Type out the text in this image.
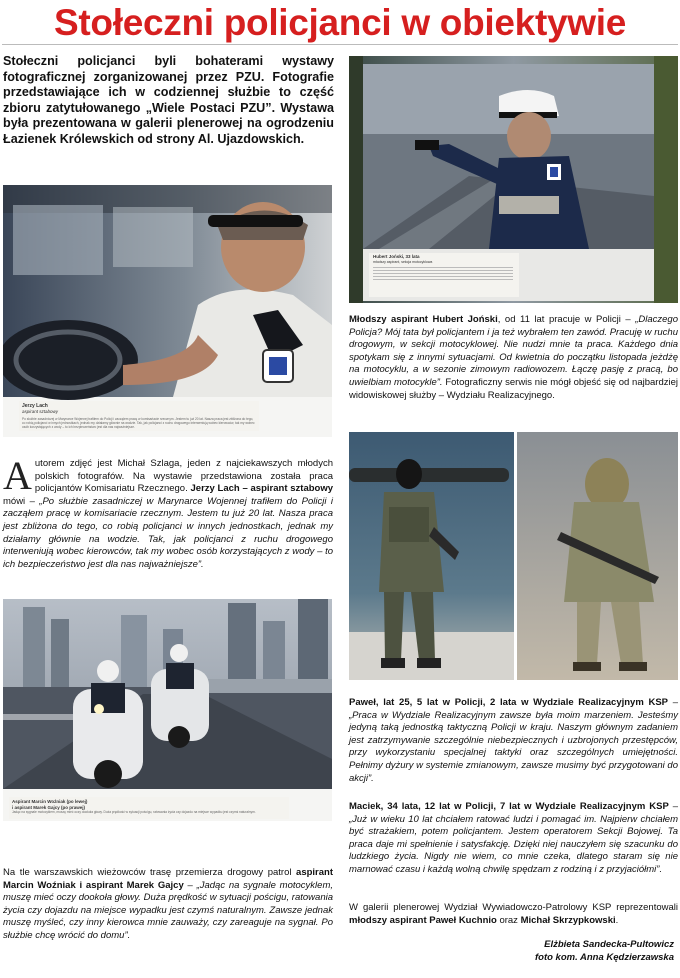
Stołeczni policjanci w obiektywie
Stołeczni policjanci byli bohaterami wystawy fotograficznej zorganizowanej przez PZU. Fotografie przedstawiające ich w codziennej służbie to część zbioru zatytułowanego „Wiele Postaci PZU”. Wystawa była prezentowana w galerii plenerowej na ogrodzeniu Łazienek Królewskich od strony Al. Ujazdowskich.
Jerzy Lach
aspirant sztabowy
Po służbie zasadniczej w Marynarce Wojennej trafiłem do Policji i zacząłem pracę w komisariacie rzecznym. Jestem tu już 20 lat. Nasza praca jest zbliżona do tego, co robią policjanci w innych jednostkach, jednak my działamy głównie na wodzie. Tak, jak policjanci z ruchu drogowego interweniują wobec kierowców, tak my wobec osób korzystających z wody – to ich bezpieczeństwo jest dla nas najważniejsze.
Autorem zdjęć jest Michał Szlaga, jeden z najciekawszych młodych polskich fotografów. Na wystawie przedstawiona została praca policjantów Komisariatu Rzecznego. Jerzy Lach – aspirant sztabowy mówi – „Po służbie zasadniczej w Marynarce Wojennej trafiłem do Policji i zacząłem pracę w komisariacie rzecznym. Jestem tu już 20 lat. Nasza praca jest zbliżona do tego, co robią policjanci w innych jednostkach, jednak my działamy głównie na wodzie. Tak, jak policjanci z ruchu drogowego interweniują wobec kierowców, tak my wobec osób korzystających z wody – to ich bezpieczeństwo jest dla nas najważniejsze”.
Aspirant Marcin Woźniak (po lewej)
i aspirant Marek Gajcy (po prawej)
Jadąc na sygnale motocyklem, muszę mieć oczy dookoła głowy. Duża prędkość w sytuacji pościgu, ratowania życia czy dojazdu na miejsce wypadku jest czymś naturalnym.
Na tle warszawskich wieżowców trasę przemierza drogowy patrol aspirant Marcin Woźniak i aspirant Marek Gajcy – „Jadąc na sygnale motocyklem, muszę mieć oczy dookoła głowy. Duża prędkość w sytuacji pościgu, ratowania życia czy dojazdu na miejsce wypadku jest czymś naturalnym. Zawsze jednak muszę myśleć, czy inny kierowca mnie zauważy, czy zareaguje na sygnał. Po służbie chcę wrócić do domu”.
Hubert Joński, 33 lata
młodszy aspirant, sekcja motocyklowa
Młodszy aspirant Hubert Joński, od 11 lat pracuje w Policji – „Dlaczego Policja? Mój tata był policjantem i ja też wybrałem ten zawód. Pracuję w ruchu drogowym, w sekcji motocyklowej. Nie nudzi mnie ta praca. Każdego dnia spotykam się z innymi sytuacjami. Od kwietnia do początku listopada jeżdżę na motocyklu, a w sezonie zimowym radiowozem. Łączę pasję z pracą, bo uwielbiam motocykle”. Fotograficzny serwis nie mógł objeść się od najbardziej widowiskowej służby – Wydziału Realizacyjnego.
Paweł, lat 25, 5 lat w Policji, 2 lata w Wydziale Realizacyjnym KSP – „Praca w Wydziale Realizacyjnym zawsze była moim marzeniem. Jesteśmy jedyną taką jednostką taktyczną Policji w kraju. Naszym głównym zadaniem jest zatrzymywanie szczególnie niebezpiecznych i uzbrojonych przestępców, przy wykorzystaniu specjalnej taktyki oraz szczególnych umiejętności. Pełnimy dyżury w systemie zmianowym, zawsze musimy być przygotowani do akcji”.
Maciek, 34 lata, 12 lat w Policji, 7 lat w Wydziale Realizacyjnym KSP – „Już w wieku 10 lat chciałem ratować ludzi i pomagać im. Najpierw chciałem być strażakiem, potem policjantem. Jestem operatorem Sekcji Bojowej. Ta praca daje mi spełnienie i satysfakcję. Dzięki niej nauczyłem się szacunku do ludzkiego życia. Nigdy nie wiem, co mnie czeka, dlatego staram się nie marnować czasu i każdą wolną chwilę spędzam z rodziną i z przyjaciółmi”.
W galerii plenerowej Wydział Wywiadowczo-Patrolowy KSP reprezentowali młodszy aspirant Paweł Kuchnio oraz Michał Skrzypkowski.
Elżbieta Sandecka-Pultowicz
foto kom. Anna Kędzierzawska
